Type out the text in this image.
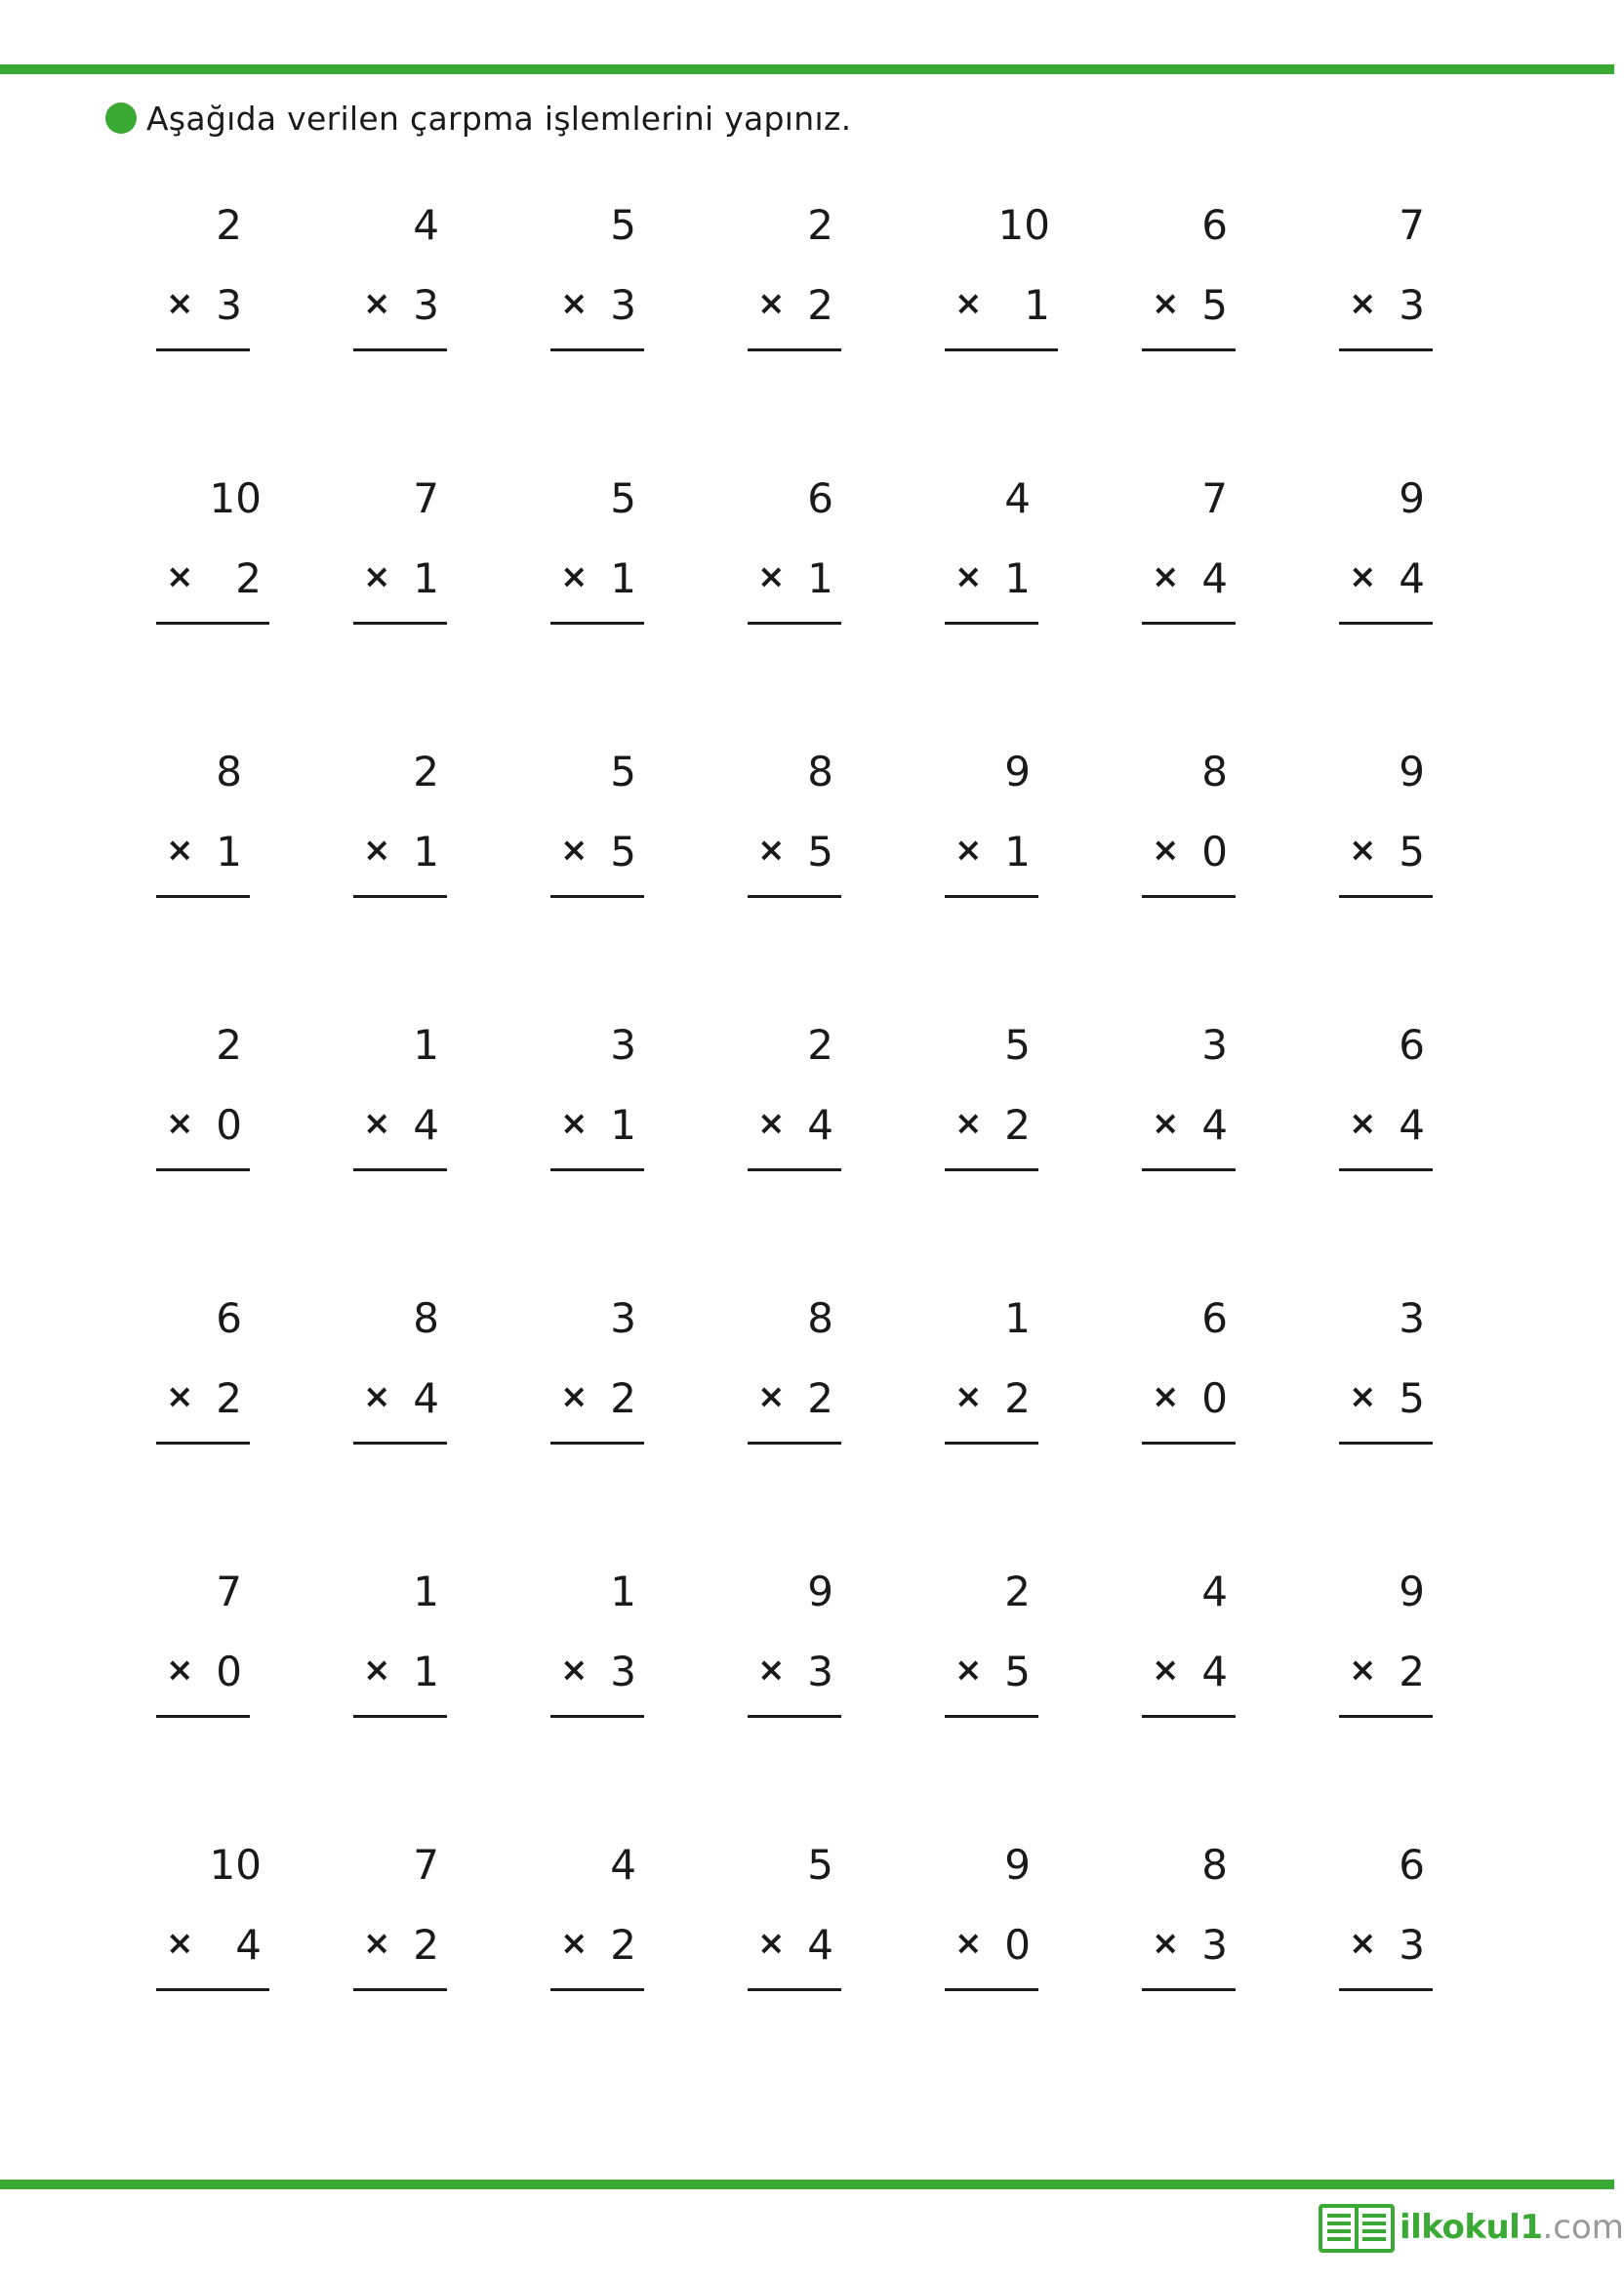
Aşağıda verilen çarpma işlemlerini yapınız.
2
× 3
4
× 3
5
× 3
2
× 2
10
× 1
6
× 5
7
× 3
10
× 2
7
× 1
5
× 1
6
× 1
4
× 1
7
× 4
9
× 4
8
× 1
2
× 1
5
× 5
8
× 5
9
× 1
8
× 0
9
× 5
2
× 0
1
× 4
3
× 1
2
× 4
5
× 2
3
× 4
6
× 4
6
× 2
8
× 4
3
× 2
8
× 2
1
× 2
6
× 0
3
× 5
7
× 0
1
× 1
1
× 3
9
× 3
2
× 5
4
× 4
9
× 2
10
× 4
7
× 2
4
× 2
5
× 4
9
× 0
8
× 3
6
× 3
ilkokul1 .com
